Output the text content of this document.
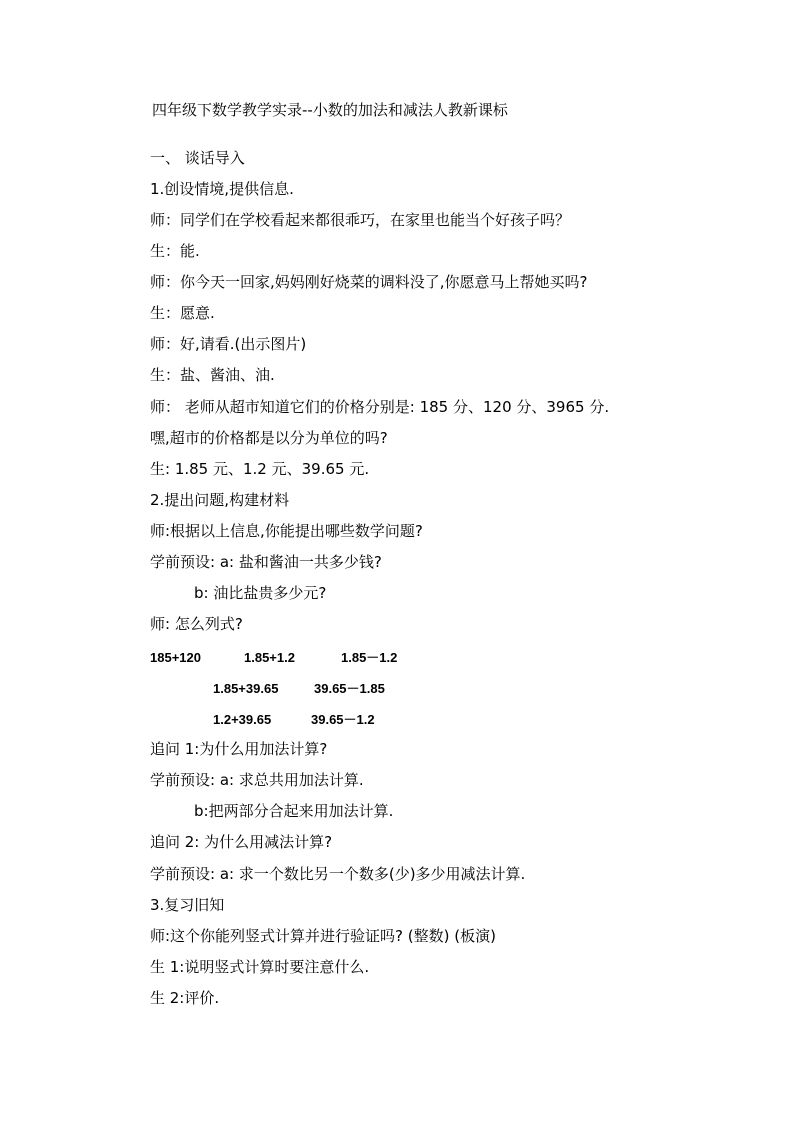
四年级下数学教学实录--小数的加法和减法人教新课标

一、 谈话导入

1.创设情境,提供信息.

师：同学们在学校看起来都很乖巧，在家里也能当个好孩子吗？

生：能.

师：你今天一回家,妈妈刚好烧菜的调料没了,你愿意马上帮她买吗?

生：愿意.

师：好,请看.(出示图片)

生：盐、酱油、油.

师： 老师从超市知道它们的价格分别是: 185 分、120 分、3965 分.

嘿,超市的价格都是以分为单位的吗?

生: 1.85 元、1.2 元、39.65 元.

2.提出问题,构建材料

师:根据以上信息,你能提出哪些数学问题?

学前预设: a: 盐和酱油一共多少钱?

b: 油比盐贵多少元?

师: 怎么列式?

185+120	1.85+1.2	1.85－1.2
1.85+39.65	39.65－1.85
1.2+39.65	39.65－1.2

追问 1:为什么用加法计算?

学前预设: a: 求总共用加法计算.

b:把两部分合起来用加法计算.

追问 2: 为什么用减法计算?

学前预设: a: 求一个数比另一个数多(少)多少用减法计算.

3.复习旧知

师:这个你能列竖式计算并进行验证吗? (整数) (板演)

生 1:说明竖式计算时要注意什么.

生 2:评价.
